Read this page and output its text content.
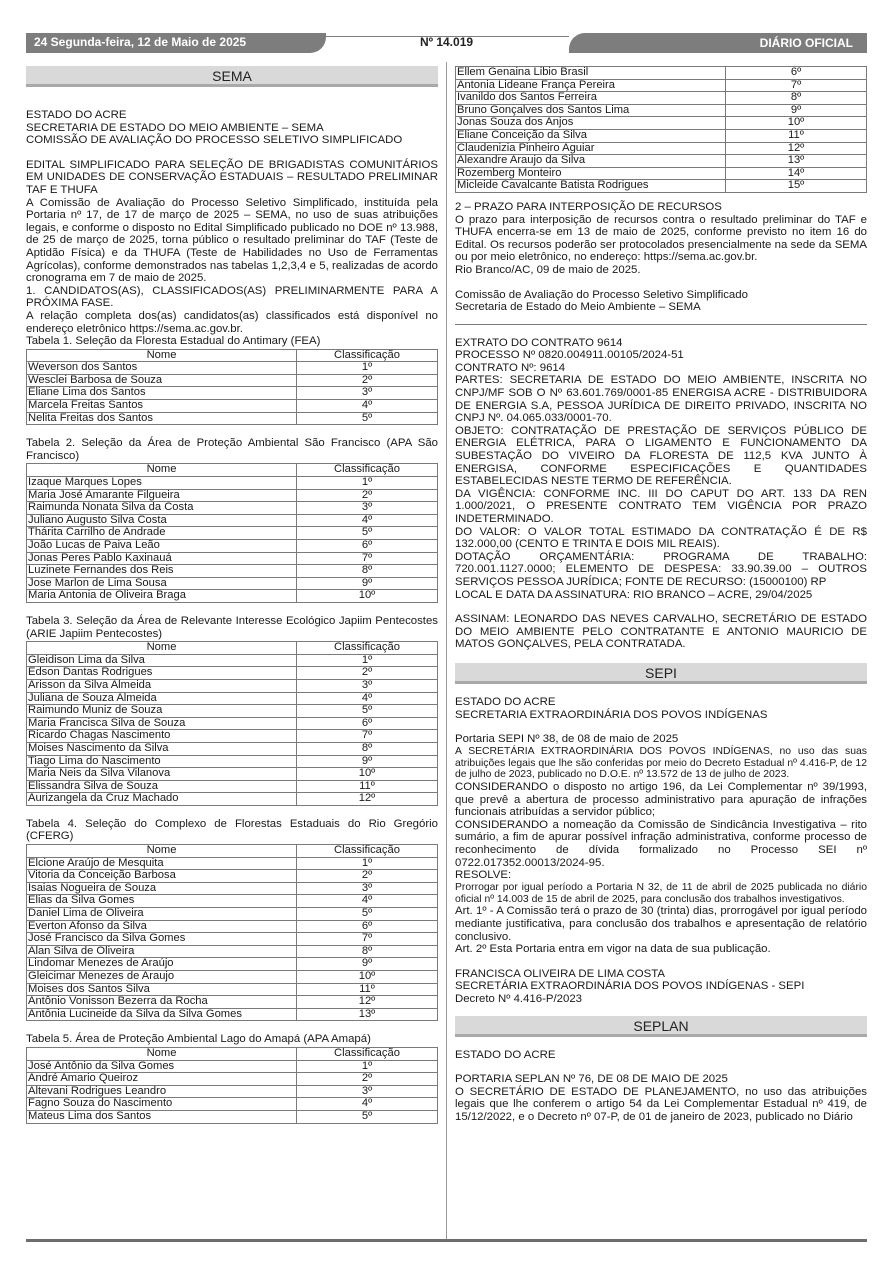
24 Segunda-feira, 12 de Maio de 2025	Nº 14.019	DIÁRIO OFICIAL
SEMA

ESTADO DO ACRE

SECRETARIA DE ESTADO DO MEIO AMBIENTE – SEMA

COMISSÃO DE AVALIAÇÃO DO PROCESSO SELETIVO SIMPLIFICADO

EDITAL SIMPLIFICADO PARA SELEÇÃO DE BRIGADISTAS COMUNITÁRIOS EM UNIDADES DE CONSERVAÇÃO ESTADUAIS – RESULTADO PRELIMINAR TAF E THUFA

A Comissão de Avaliação do Processo Seletivo Simplificado, instituída pela Portaria nº 17, de 17 de março de 2025 – SEMA, no uso de suas atribuições legais, e conforme o disposto no Edital Simplificado publicado no DOE nº 13.988, de 25 de março de 2025, torna público o resultado preliminar do TAF (Teste de Aptidão Física) e da THUFA (Teste de Habilidades no Uso de Ferramentas Agrícolas), conforme demonstrados nas tabelas 1,2,3,4 e 5, realizadas de acordo cronograma em 7 de maio de 2025.

1. CANDIDATOS(AS), CLASSIFICADOS(AS) PRELIMINARMENTE PARA A PRÓXIMA FASE.

A relação completa dos(as) candidatos(as) classificados está disponível no endereço eletrônico https://sema.ac.gov.br.

Tabela 1. Seleção da Floresta Estadual do Antimary (FEA)

Nome	Classificação
Weverson dos Santos	1º
Wesclei Barbosa de Souza	2º
Eliane Lima dos Santos	3º
Marcela Freitas Santos	4º
Nelita Freitas dos Santos	5º

Tabela 2. Seleção da Área de Proteção Ambiental São Francisco (APA São Francisco)

Nome	Classificação
Izaque Marques Lopes	1º
Maria José Amarante Filgueira	2º
Raimunda Nonata Silva da Costa	3º
Juliano Augusto Silva Costa	4º
Thárita Carrilho de Andrade	5º
João Lucas de Paiva Leão	6º
Jonas Peres Pablo Kaxinauá	7º
Luzinete Fernandes dos Reis	8º
Jose Marlon de Lima Sousa	9º
Maria Antonia de Oliveira Braga	10º

Tabela 3. Seleção da Área de Relevante Interesse Ecológico Japiim Pentecostes (ARIE Japiim Pentecostes)

Nome	Classificação
Gleidison Lima da Silva	1º
Edson Dantas Rodrigues	2º
Arisson da Silva Almeida	3º
Juliana de Souza Almeida	4º
Raimundo Muniz de Souza	5º
Maria Francisca Silva de Souza	6º
Ricardo Chagas Nascimento	7º
Moises Nascimento da Silva	8º
Tiago Lima do Nascimento	9º
Maria Neis da Silva Vilanova	10º
Elissandra Silva de Souza	11º
Aurizangela da Cruz Machado	12º

Tabela 4. Seleção do Complexo de Florestas Estaduais do Rio Gregório (CFERG)

Nome	Classificação
Elcione Araújo de Mesquita	1º
Vitoria da Conceição Barbosa	2º
Isaias Nogueira de Souza	3º
Elias da Silva Gomes	4º
Daniel Lima de Oliveira	5º
Everton Afonso da Silva	6º
José Francisco da Silva Gomes	7º
Alan Silva de Oliveira	8º
Lindomar Menezes de Araújo	9º
Gleicimar Menezes de Araujo	10º
Moises dos Santos Silva	11º
Antônio Vonisson Bezerra da Rocha	12º
Antônia Lucineide da Silva da Silva Gomes	13º

Tabela 5. Área de Proteção Ambiental Lago do Amapá (APA Amapá)

Nome	Classificação
José Antônio da Silva Gomes	1º
André Amario Queiroz	2º
Altevani Rodrigues Leandro	3º
Fagno Souza do Nascimento	4º
Mateus Lima dos Santos	5º
Ellem Genaina Libio Brasil	6º
Antonia Lideane França Pereira	7º
Ivanildo dos Santos Ferreira	8º
Bruno Gonçalves dos Santos Lima	9º
Jonas Souza dos Anjos	10º
Eliane Conceição da Silva	11º
Claudenizia Pinheiro Aguiar	12º
Alexandre Araujo da Silva	13º
Rozemberg Monteiro	14º
Micleide Cavalcante Batista Rodrigues	15º

2 – PRAZO PARA INTERPOSIÇÃO DE RECURSOS

O prazo para interposição de recursos contra o resultado preliminar do TAF e THUFA encerra-se em 13 de maio de 2025, conforme previsto no item 16 do Edital. Os recursos poderão ser protocolados presencialmente na sede da SEMA ou por meio eletrônico, no endereço: https://sema.ac.gov.br.

Rio Branco/AC, 09 de maio de 2025.

Comissão de Avaliação do Processo Seletivo Simplificado

Secretaria de Estado do Meio Ambiente – SEMA

EXTRATO DO CONTRATO 9614

PROCESSO Nº 0820.004911.00105/2024-51

CONTRATO Nº: 9614

PARTES: SECRETARIA DE ESTADO DO MEIO AMBIENTE, INSCRITA NO CNPJ/MF SOB O Nº 63.601.769/0001-85 ENERGISA ACRE - DISTRIBUIDORA DE ENERGIA S.A, PESSOA JURÍDICA DE DIREITO PRIVADO, INSCRITA NO CNPJ Nº. 04.065.033/0001-70.

OBJETO: CONTRATAÇÃO DE PRESTAÇÃO DE SERVIÇOS PÚBLICO DE ENERGIA ELÉTRICA, PARA O LIGAMENTO E FUNCIONAMENTO DA SUBESTAÇÃO DO VIVEIRO DA FLORESTA DE 112,5 KVA JUNTO À ENERGISA, CONFORME ESPECIFICAÇÕES E QUANTIDADES ESTABELECIDAS NESTE TERMO DE REFERÊNCIA.

DA VIGÊNCIA: CONFORME INC. III DO CAPUT DO ART. 133 DA REN 1.000/2021, O PRESENTE CONTRATO TEM VIGÊNCIA POR PRAZO INDETERMINADO.

DO VALOR: O VALOR TOTAL ESTIMADO DA CONTRATAÇÃO É DE R$ 132.000,00 (CENTO E TRINTA E DOIS MIL REAIS).

DOTAÇÃO ORÇAMENTÁRIA: PROGRAMA DE TRABALHO: 720.001.1127.0000; ELEMENTO DE DESPESA: 33.90.39.00 – OUTROS SERVIÇOS PESSOA JURÍDICA; FONTE DE RECURSO: (15000100) RP

LOCAL E DATA DA ASSINATURA: RIO BRANCO – ACRE, 29/04/2025

ASSINAM: LEONARDO DAS NEVES CARVALHO, SECRETÁRIO DE ESTADO DO MEIO AMBIENTE PELO CONTRATANTE E ANTONIO MAURICIO DE MATOS GONÇALVES, PELA CONTRATADA.

SEPI

ESTADO DO ACRE

SECRETARIA EXTRAORDINÁRIA DOS POVOS INDÍGENAS

Portaria SEPI Nº 38, de 08 de maio de 2025

A SECRETÁRIA EXTRAORDINÁRIA DOS POVOS INDÍGENAS, no uso das suas atribuições legais que lhe são conferidas por meio do Decreto Estadual nº 4.416-P, de 12 de julho de 2023, publicado no D.O.E. nº 13.572 de 13 de julho de 2023.

CONSIDERANDO o disposto no artigo 196, da Lei Complementar nº 39/1993, que prevê a abertura de processo administrativo para apuração de infrações funcionais atribuídas a servidor público;

CONSIDERANDO a nomeação da Comissão de Sindicância Investigativa – rito sumário, a fim de apurar possível infração administrativa, conforme processo de reconhecimento de dívida formalizado no Processo SEI nº 0722.017352.00013/2024-95.

RESOLVE:

Prorrogar por igual período a Portaria N 32, de 11 de abril de 2025 publicada no diário oficial nº 14.003 de 15 de abril de 2025, para conclusão dos trabalhos investigativos.

Art. 1º - A Comissão terá o prazo de 30 (trinta) dias, prorrogável por igual período mediante justificativa, para conclusão dos trabalhos e apresentação de relatório conclusivo.

Art. 2º Esta Portaria entra em vigor na data de sua publicação.

FRANCISCA OLIVEIRA DE LIMA COSTA

SECRETÁRIA EXTRAORDINÁRIA DOS POVOS INDÍGENAS - SEPI

Decreto Nº 4.416-P/2023

SEPLAN

ESTADO DO ACRE

PORTARIA SEPLAN Nº 76, DE 08 DE MAIO DE 2025

O SECRETÁRIO DE ESTADO DE PLANEJAMENTO, no uso das atribuições legais que lhe conferem o artigo 54 da Lei Complementar Estadual nº 419, de 15/12/2022, e o Decreto nº 07-P, de 01 de janeiro de 2023, publicado no Diário
